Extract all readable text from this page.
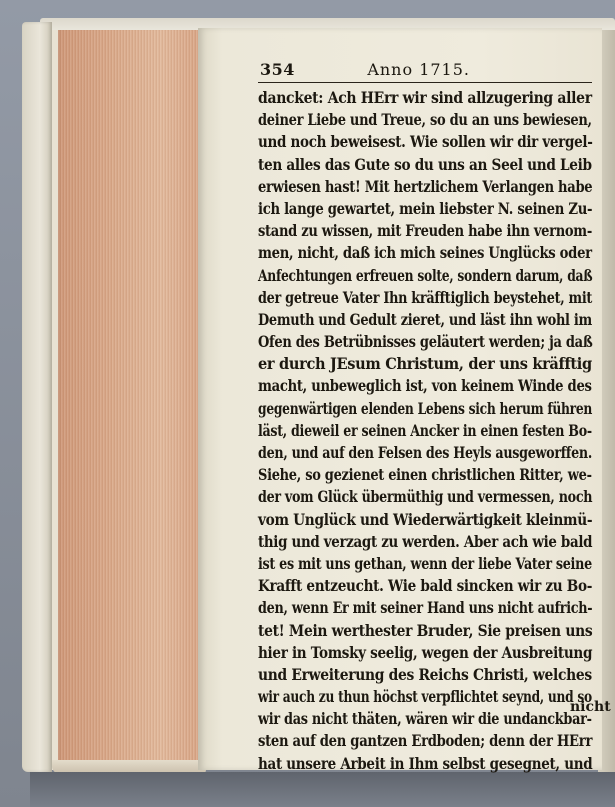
354	Anno 1715.
dancket: Ach HErr wir sind allzugering aller
deiner Liebe und Treue, so du an uns bewiesen,
und noch beweisest. Wie sollen wir dir vergel-
ten alles das Gute so du uns an Seel und Leib
erwiesen hast! Mit hertzlichem Verlangen habe
ich lange gewartet, mein liebster N. seinen Zu-
stand zu wissen, mit Freuden habe ihn vernom-
men, nicht, daß ich mich seines Unglücks oder
Anfechtungen erfreuen solte, sondern darum, daß
der getreue Vater Ihn kräfftiglich beystehet, mit
Demuth und Gedult zieret, und läst ihn wohl im
Ofen des Betrübnisses geläutert werden; ja daß
er durch JEsum Christum, der uns kräfftig
macht, unbeweglich ist, von keinem Winde des
gegenwärtigen elenden Lebens sich herum führen
läst, dieweil er seinen Ancker in einen festen Bo-
den, und auf den Felsen des Heyls ausgeworffen.
Siehe, so gezienet einen christlichen Ritter, we-
der vom Glück übermüthig und vermessen, noch
vom Unglück und Wiederwärtigkeit kleinmü-
thig und verzagt zu werden. Aber ach wie bald
ist es mit uns gethan, wenn der liebe Vater seine
Krafft entzeucht. Wie bald sincken wir zu Bo-
den, wenn Er mit seiner Hand uns nicht aufrich-
tet! Mein werthester Bruder, Sie preisen uns
hier in Tomsky seelig, wegen der Ausbreitung
und Erweiterung des Reichs Christi, welches
wir auch zu thun höchst verpflichtet seynd, und so
wir das nicht thäten, wären wir die undanckbar-
sten auf den gantzen Erdboden; denn der HErr
hat unsere Arbeit in Ihm selbst gesegnet, und
nicht
